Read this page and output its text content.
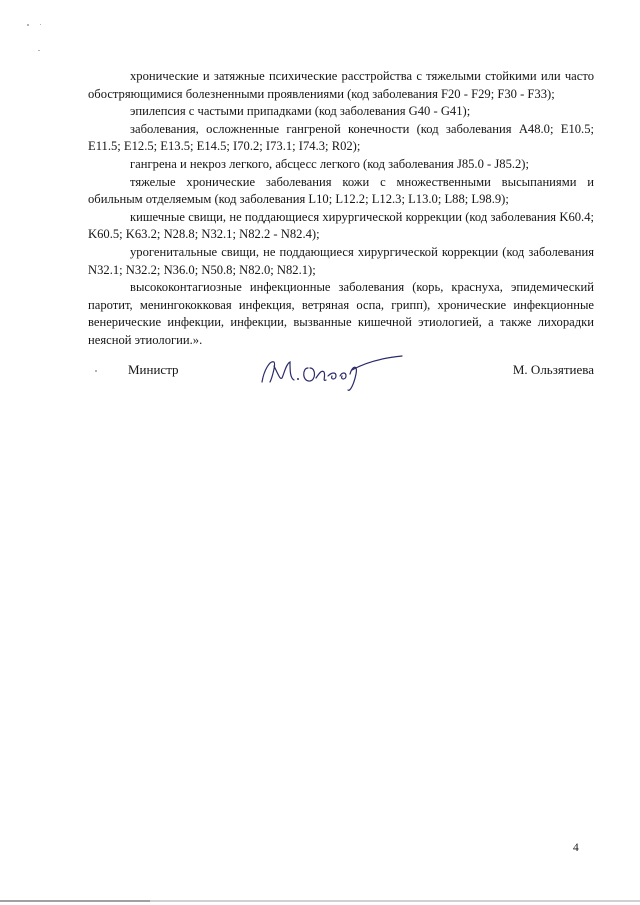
хронические и затяжные психические расстройства с тяжелыми стойкими или часто обостряющимися болезненными проявлениями (код заболевания F20 - F29; F30 - F33);

эпилепсия с частыми припадками (код заболевания G40 - G41);

заболевания, осложненные гангреной конечности (код заболевания A48.0; E10.5; E11.5; E12.5; E13.5; E14.5; I70.2; I73.1; I74.3; R02);

гангрена и некроз легкого, абсцесс легкого (код заболевания J85.0 - J85.2);

тяжелые хронические заболевания кожи с множественными высыпаниями и обильным отделяемым (код заболевания L10; L12.2; L12.3; L13.0; L88; L98.9);

кишечные свищи, не поддающиеся хирургической коррекции (код заболевания K60.4; K60.5; K63.2; N28.8; N32.1; N82.2 - N82.4);

урогенитальные свищи, не поддающиеся хирургической коррекции (код заболевания N32.1; N32.2; N36.0; N50.8; N82.0; N82.1);

высококонтагиозные инфекционные заболевания (корь, краснуха, эпидемический паротит, менингококковая инфекция, ветряная оспа, грипп), хронические инфекционные венерические инфекции, инфекции, вызванные кишечной этиологией, а также лихорадки неясной этиологии.».

Министр	М. Ользятиева
4
